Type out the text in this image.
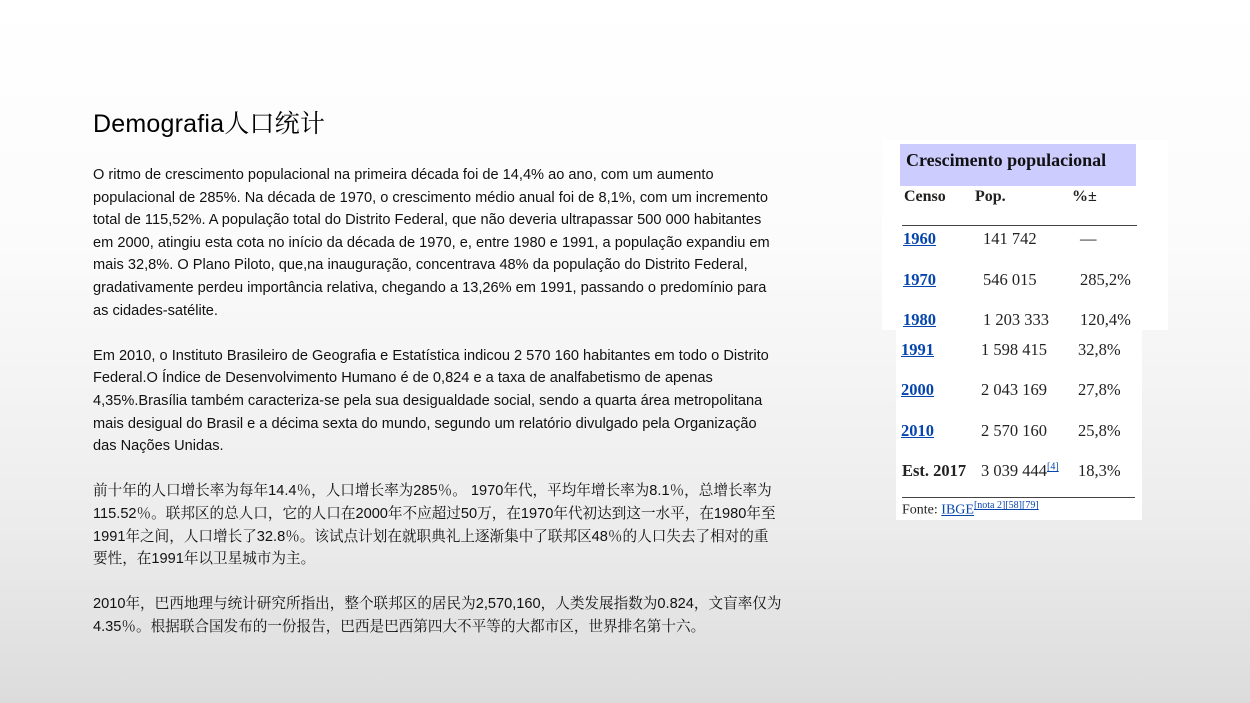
Demografia人口统计

O ritmo de crescimento populacional na primeira década foi de 14,4% ao ano, com um aumento populacional de 285%. Na década de 1970, o crescimento médio anual foi de 8,1%, com um incremento total de 115,52%. A população total do Distrito Federal, que não deveria ultrapassar 500 000 habitantes em 2000, atingiu esta cota no início da década de 1970, e, entre 1980 e 1991, a população expandiu em mais 32,8%. O Plano Piloto, que,na inauguração, concentrava 48% da população do Distrito Federal, gradativamente perdeu importância relativa, chegando a 13,26% em 1991, passando o predomínio para as cidades-satélite.

Em 2010, o Instituto Brasileiro de Geografia e Estatística indicou 2 570 160 habitantes em todo o Distrito Federal.O Índice de Desenvolvimento Humano é de 0,824 e a taxa de analfabetismo de apenas 4,35%.Brasília também caracteriza-se pela sua desigualdade social, sendo a quarta área metropolitana mais desigual do Brasil e a décima sexta do mundo, segundo um relatório divulgado pela Organização das Nações Unidas.

前十年的人口增长率为每年14.4％，人口增长率为285％。 1970年代，平均年增长率为8.1％，总增长率为115.52％。联邦区的总人口，它的人口在2000年不应超过50万，在1970年代初达到这一水平，在1980年至1991年之间，人口增长了32.8％。该试点计划在就职典礼上逐渐集中了联邦区48％的人口失去了相对的重要性，在1991年以卫星城市为主。

2010年，巴西地理与统计研究所指出，整个联邦区的居民为2,570,160，人类发展指数为0.824，文盲率仅为4.35％。根据联合国发布的一份报告，巴西是巴西第四大不平等的大都市区，世界排名第十六。

Crescimento populacional
Censo Pop.	%±
1960	141 742	—
1970	546 015	285,2%
1980	1 203 333 120,4%
1991	1 598 415 32,8%
2000	2 043 169 27,8%
2010	2 570 160 25,8%
Est. 2017 3 039 444[4] 18,3%
Fonte: IBGE[nota 2][58][79]
